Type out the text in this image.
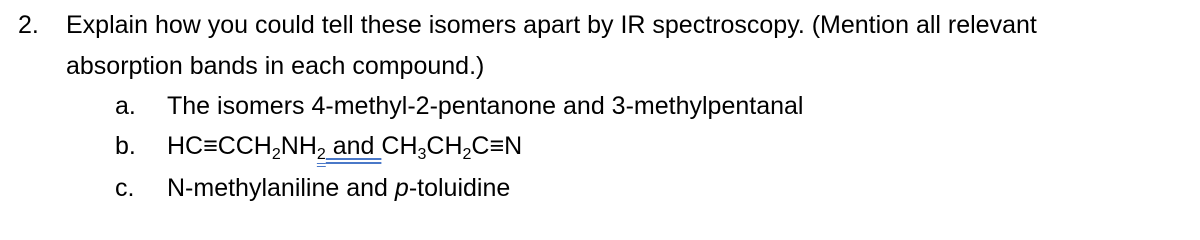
2. Explain how you could tell these isomers apart by IR spectroscopy. (Mention all relevant
absorption bands in each compound.)
a. The isomers 4-methyl-2-pentanone and 3-methylpentanal
b. $HC\equiv CCH_2NH_2$ and $CH_3CH_2C\equiv N$
c. N-methylaniline and p-toluidine
